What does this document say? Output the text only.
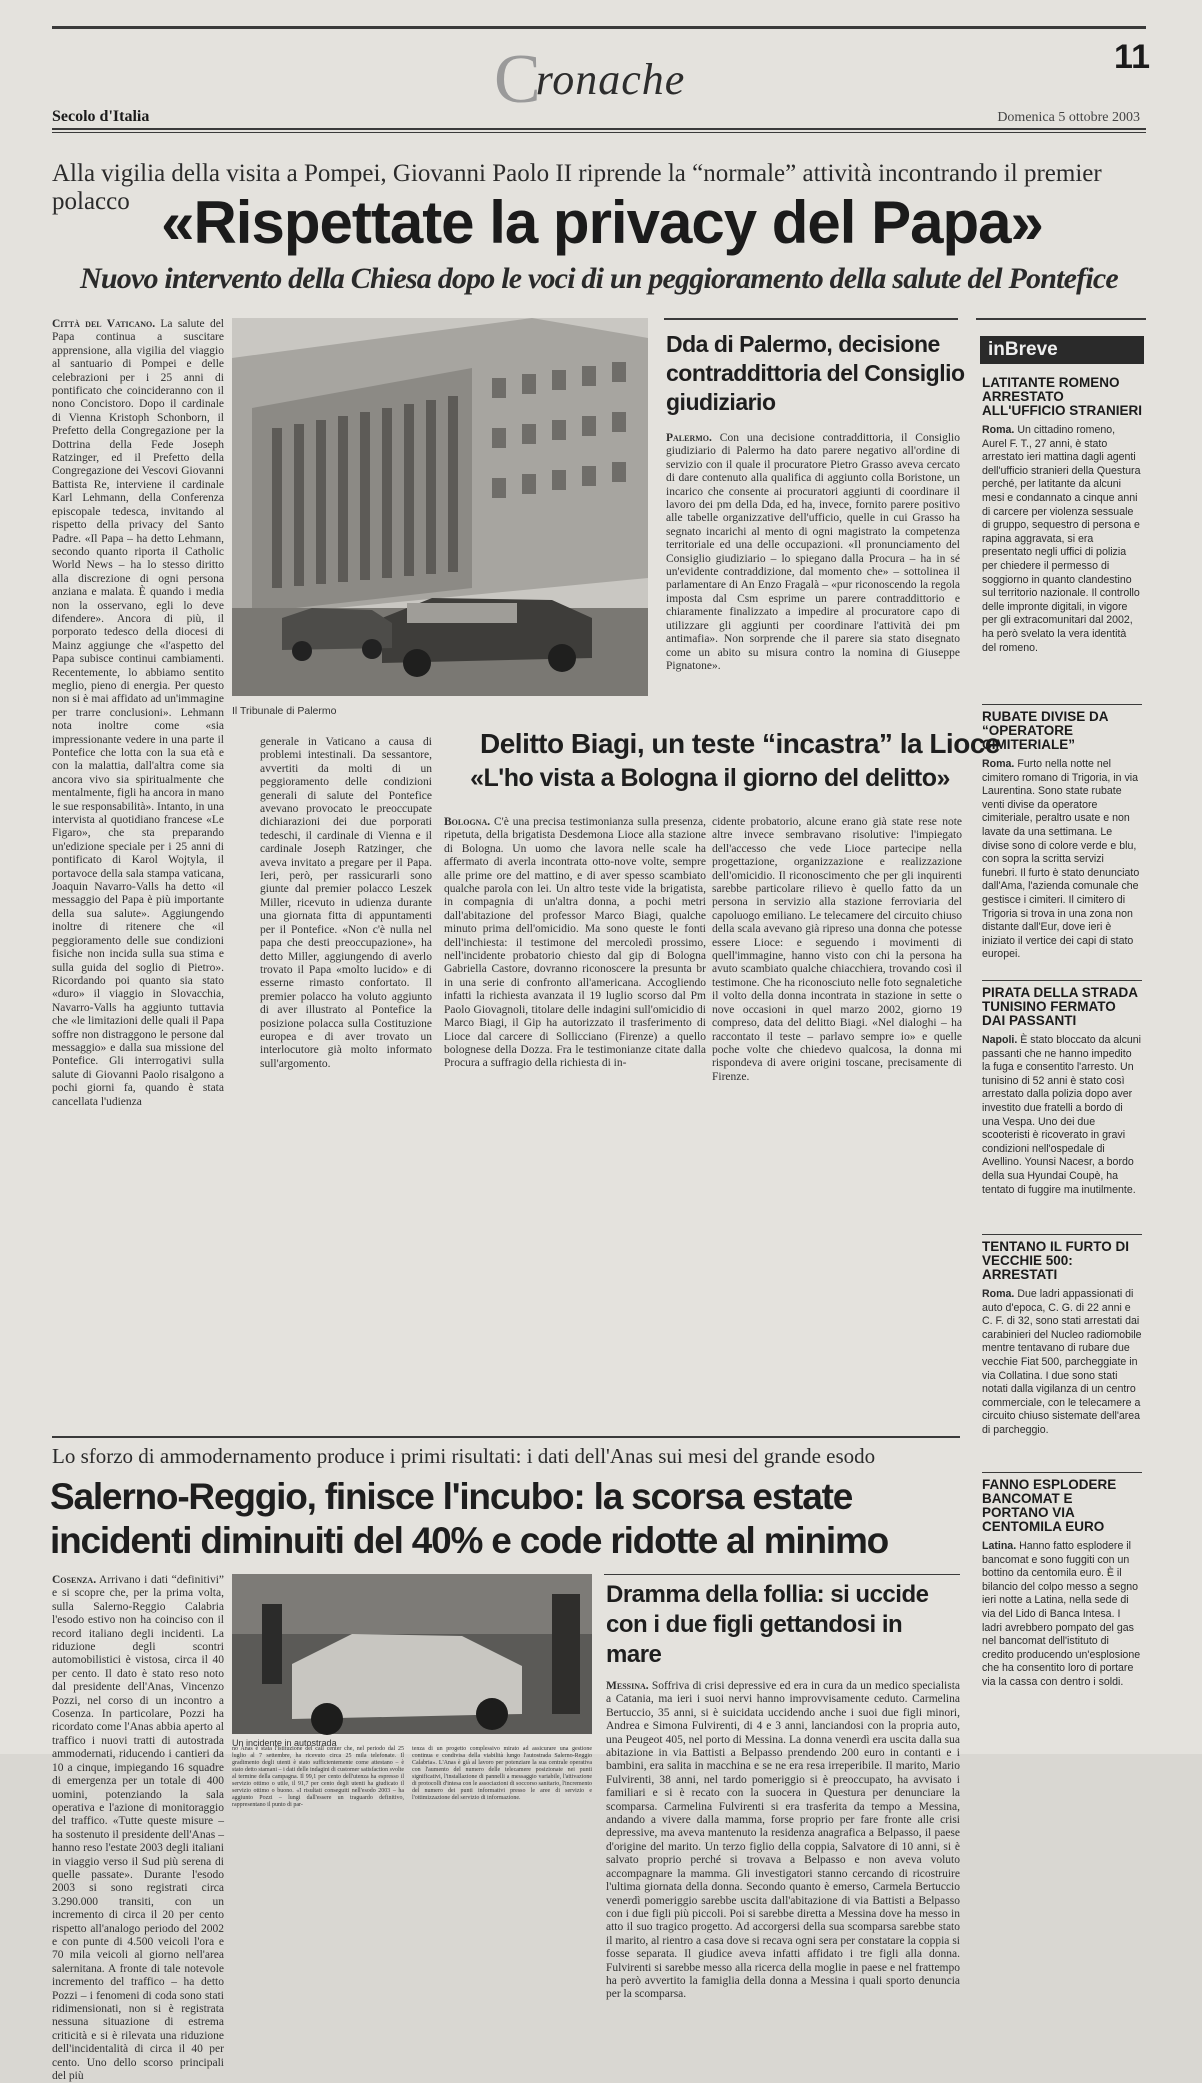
Cronache	11
Secolo d'Italia	Domenica 5 ottobre 2003
Alla vigilia della visita a Pompei, Giovanni Paolo II riprende la “normale” attività incontrando il premier polacco «Rispettate la privacy del Papa»
Nuovo intervento della Chiesa dopo le voci di un peggioramento della salute del Pontefice
Città del Vaticano. La salute del Papa continua a suscitare apprensione, alla vigilia del viaggio al santuario di Pompei e delle celebrazioni per i 25 anni di pontificato che coincideranno con il nono Concistoro. Dopo il cardinale di Vienna Kristoph Schonborn, il Prefetto della Congregazione per la Dottrina della Fede Joseph Ratzinger, ed il Prefetto della Congregazione dei Vescovi Giovanni Battista Re, interviene il cardinale Karl Lehmann, della Conferenza episcopale tedesca, invitando al rispetto della privacy del Santo Padre. «Il Papa – ha detto Lehmann, secondo quanto riporta il Catholic World News – ha lo stesso diritto alla discrezione di ogni persona anziana e malata. È quando i media non la osservano, egli lo deve difendere». Ancora di più, il porporato tedesco della diocesi di Mainz aggiunge che «l'aspetto del Papa subisce continui cambiamenti. Recentemente, lo abbiamo sentito meglio, pieno di energia. Per questo non si è mai affidato ad un'immagine per trarre conclusioni». Lehmann nota inoltre come «sia impressionante vedere in una parte il Pontefice che lotta con la sua età e con la malattia, dall'altra come sia ancora vivo sia spiritualmente che mentalmente, figli ha ancora in mano le sue responsabilità». Intanto, in una intervista al quotidiano francese «Le Figaro», che sta preparando un'edizione speciale per i 25 anni di pontificato di Karol Wojtyla, il portavoce della sala stampa vaticana, Joaquin Navarro-Valls ha detto «il messaggio del Papa è più importante della sua salute». Aggiungendo inoltre di ritenere che «il peggioramento delle sue condizioni fisiche non incida sulla sua stima e sulla guida del soglio di Pietro». Ricordando poi quanto sia stato «duro» il viaggio in Slovacchia, Navarro-Valls ha aggiunto tuttavia che «le limitazioni delle quali il Papa soffre non distraggono le persone dal messaggio» e dalla sua missione del Pontefice. Gli interrogativi sulla salute di Giovanni Paolo risalgono a pochi giorni fa, quando è stata cancellata l'udienza
Il Tribunale di Palermo
Dda di Palermo, decisione contraddittoria del Consiglio giudiziario
Palermo. Con una decisione contraddittoria, il Consiglio giudiziario di Palermo ha dato parere negativo all'ordine di servizio con il quale il procuratore Pietro Grasso aveva cercato di dare contenuto alla qualifica di aggiunto colla Boristone, un incarico che consente ai procuratori aggiunti di coordinare il lavoro dei pm della Dda, ed ha, invece, fornito parere positivo alle tabelle organizzative dell'ufficio, quelle in cui Grasso ha segnato incarichi al mento di ogni magistrato la competenza territoriale ed una delle occupazioni. «Il pronunciamento del Consiglio giudiziario – lo spiegano dalla Procura – ha in sé un'evidente contraddizione, dal momento che» – sottolinea il parlamentare di An Enzo Fragalà – «pur riconoscendo la regola imposta dal Csm esprime un parere contraddittorio e chiaramente finalizzato a impedire al procuratore capo di utilizzare gli aggiunti per coordinare l'attività dei pm antimafia». Non sorprende che il parere sia stato disegnato come un abito su misura contro la nomina di Giuseppe Pignatone».
generale in Vaticano a causa di problemi intestinali. Da sessantore, avvertiti da molti di un peggioramento delle condizioni generali di salute del Pontefice avevano provocato le preoccupate dichiarazioni dei due porporati tedeschi, il cardinale di Vienna e il cardinale Joseph Ratzinger, che aveva invitato a pregare per il Papa. Ieri, però, per rassicurarli sono giunte dal premier polacco Leszek Miller, ricevuto in udienza durante una giornata fitta di appuntamenti per il Pontefice. «Non c'è nulla nel papa che desti preoccupazione», ha detto Miller, aggiungendo di averlo trovato il Papa «molto lucido» e di esserne rimasto confortato. Il premier polacco ha voluto aggiunto di aver illustrato al Pontefice la posizione polacca sulla Costituzione europea e di aver trovato un interlocutore già molto informato sull'argomento.
Delitto Biagi, un teste “incastra” la Lioce
«L'ho vista a Bologna il giorno del delitto»
Bologna. C'è una precisa testimonianza sulla presenza, ripetuta, della brigatista Desdemona Lioce alla stazione di Bologna. Un uomo che lavora nelle scale ha affermato di averla incontrata otto-nove volte, sempre alle prime ore del mattino, e di aver spesso scambiato qualche parola con lei. Un altro teste vide la brigatista, in compagnia di un'altra donna, a pochi metri dall'abitazione del professor Marco Biagi, qualche minuto prima dell'omicidio. Ma sono queste le fonti dell'inchiesta: il testimone del mercoledì prossimo, nell'incidente probatorio chiesto dal gip di Bologna Gabriella Castore, dovranno riconoscere la presunta br in una serie di confronto all'americana. Accogliendo infatti la richiesta avanzata il 19 luglio scorso dal Pm Paolo Giovagnoli, titolare delle indagini sull'omicidio di Marco Biagi, il Gip ha autorizzato il trasferimento di Lioce dal carcere di Sollicciano (Firenze) a quello bolognese della Dozza. Fra le testimonianze citate dalla Procura a suffragio della richiesta di in-
cidente probatorio, alcune erano già state rese note altre invece sembravano risolutive: l'impiegato dell'accesso che vede Lioce partecipe nella progettazione, organizzazione e realizzazione dell'omicidio. Il riconoscimento che per gli inquirenti sarebbe particolare rilievo è quello fatto da un persona in servizio alla stazione ferroviaria del capoluogo emiliano. Le telecamere del circuito chiuso della scala avevano già ripreso una donna che potesse essere Lioce: e seguendo i movimenti di quell'immagine, hanno visto con chi la persona ha avuto scambiato qualche chiacchiera, trovando così il testimone. Che ha riconosciuto nelle foto segnaletiche il volto della donna incontrata in stazione in sette o nove occasioni in quel marzo 2002, giorno 19 compreso, data del delitto Biagi. «Nel dialoghi – ha raccontato il teste – parlavo sempre io» e quelle poche volte che chiedevo qualcosa, la donna mi rispondeva di avere origini toscane, precisamente di Firenze.
inBreve
LATITANTE ROMENO ARRESTATO ALL'UFFICIO STRANIERI
Roma. Un cittadino romeno, Aurel F. T., 27 anni, è stato arrestato ieri mattina dagli agenti dell'ufficio stranieri della Questura perché, per latitante da alcuni mesi e condannato a cinque anni di carcere per violenza sessuale di gruppo, sequestro di persona e rapina aggravata, si era presentato negli uffici di polizia per chiedere il permesso di soggiorno in quanto clandestino sul territorio nazionale. Il controllo delle impronte digitali, in vigore per gli extracomunitari dal 2002, ha però svelato la vera identità del romeno.
RUBATE DIVISE DA “OPERATORE CIMITERIALE”
Roma. Furto nella notte nel cimitero romano di Trigoria, in via Laurentina. Sono state rubate venti divise da operatore cimiteriale, peraltro usate e non lavate da una settimana. Le divise sono di colore verde e blu, con sopra la scritta servizi funebri. Il furto è stato denunciato dall'Ama, l'azienda comunale che gestisce i cimiteri. Il cimitero di Trigoria si trova in una zona non distante dall'Eur, dove ieri è iniziato il vertice dei capi di stato europei.
PIRATA DELLA STRADA TUNISINO FERMATO DAI PASSANTI
Napoli. È stato bloccato da alcuni passanti che ne hanno impedito la fuga e consentito l'arresto. Un tunisino di 52 anni è stato così arrestato dalla polizia dopo aver investito due fratelli a bordo di una Vespa. Uno dei due scooteristi è ricoverato in gravi condizioni nell'ospedale di Avellino. Younsi Nacesr, a bordo della sua Hyundai Coupè, ha tentato di fuggire ma inutilmente.
TENTANO IL FURTO DI VECCHIE 500: ARRESTATI
Roma. Due ladri appassionati di auto d'epoca, C. G. di 22 anni e C. F. di 32, sono stati arrestati dai carabinieri del Nucleo radiomobile mentre tentavano di rubare due vecchie Fiat 500, parcheggiate in via Collatina. I due sono stati notati dalla vigilanza di un centro commerciale, con le telecamere a circuito chiuso sistemate dell'area di parcheggio.
FANNO ESPLODERE BANCOMAT E PORTANO VIA CENTOMILA EURO
Latina. Hanno fatto esplodere il bancomat e sono fuggiti con un bottino da centomila euro. È il bilancio del colpo messo a segno ieri notte a Latina, nella sede di via del Lido di Banca Intesa. I ladri avrebbero pompato del gas nel bancomat dell'istituto di credito producendo un'esplosione che ha consentito loro di portare via la cassa con dentro i soldi.
Lo sforzo di ammodernamento produce i primi risultati: i dati dell'Anas sui mesi del grande esodo
Salerno-Reggio, finisce l'incubo: la scorsa estate
incidenti diminuiti del 40% e code ridotte al minimo
Cosenza. Arrivano i dati “definitivi” e si scopre che, per la prima volta, sulla Salerno-Reggio Calabria l'esodo estivo non ha coinciso con il record italiano degli incidenti. La riduzione degli scontri automobilistici è vistosa, circa il 40 per cento. Il dato è stato reso noto dal presidente dell'Anas, Vincenzo Pozzi, nel corso di un incontro a Cosenza. In particolare, Pozzi ha ricordato come l'Anas abbia aperto al traffico i nuovi tratti di autostrada ammodernati, riducendo i cantieri da 10 a cinque, impiegando 16 squadre di emergenza per un totale di 400 uomini, potenziando la sala operativa e l'azione di monitoraggio del traffico. «Tutte queste misure – ha sostenuto il presidente dell'Anas – hanno reso l'estate 2003 degli italiani in viaggio verso il Sud più serena di quelle passate». Durante l'esodo 2003 si sono registrati circa 3.290.000 transiti, con un incremento di circa il 20 per cento rispetto all'analogo periodo del 2002 e con punte di 4.500 veicoli l'ora e 70 mila veicoli al giorno nell'area salernitana. A fronte di tale notevole incremento del traffico – ha detto Pozzi – i fenomeni di coda sono stati ridimensionati, non si è registrata nessuna situazione di estrema criticità e si è rilevata una riduzione dell'incidentalità di circa il 40 per cento. Uno dello scorso principali del più
Dramma della follia: si uccide con i due figli gettandosi in mare
Messina. Soffriva di crisi depressive ed era in cura da un medico specialista a Catania, ma ieri i suoi nervi hanno improvvisamente ceduto. Carmelina Bertuccio, 35 anni, si è suicidata uccidendo anche i suoi due figli minori, Andrea e Simona Fulvirenti, di 4 e 3 anni, lanciandosi con la propria auto, una Peugeot 405, nel porto di Messina. La donna venerdì era uscita dalla sua abitazione in via Battisti a Belpasso prendendo 200 euro in contanti e i bambini, era salita in macchina e se ne era resa irreperibile. Il marito, Mario Fulvirenti, 38 anni, nel tardo pomeriggio si è preoccupato, ha avvisato i familiari e si è recato con la suocera in Questura per denunciare la scomparsa. Carmelina Fulvirenti si era trasferita da tempo a Messina, andando a vivere dalla mamma, forse proprio per fare fronte alle crisi depressive, ma aveva mantenuto la residenza anagrafica a Belpasso, il paese d'origine del marito. Un terzo figlio della coppia, Salvatore di 10 anni, si è salvato proprio perché si trovava a Belpasso e non aveva voluto accompagnare la mamma. Gli investigatori stanno cercando di ricostruire l'ultima giornata della donna. Secondo quanto è emerso, Carmela Bertuccio venerdì pomeriggio sarebbe uscita dall'abitazione di via Battisti a Belpasso con i due figli più piccoli. Poi si sarebbe diretta a Messina dove ha messo in atto il suo tragico progetto. Ad accorgersi della sua scomparsa sarebbe stato il marito, al rientro a casa dove si recava ogni sera per constatare la coppia si fosse separata. Il giudice aveva infatti affidato i tre figli alla donna. Fulvirenti si sarebbe messo alla ricerca della moglie in paese e nel frattempo ha però avvertito la famiglia della donna a Messina i quali sporto denuncia per la scomparsa.
Un incidente in autostrada
no Anas è stata l'istituzione del call center che, nel periodo dal 25 luglio al 7 settembre, ha ricevuto circa 25 mila telefonate. Il gradimento degli utenti è stato sufficientemente come attestano – è stato detto stamani – i dati delle indagini di customer satisfaction svolte al termine della campagna. Il 99,1 per cento dell'utenza ha espresso il servizio ottimo o utile, il 91,7 per cento degli utenti ha giudicato il servizio ottimo o buono. «I risultati conseguiti nell'esodo 2003 – ha aggiunto Pozzi – lungi dall'essere un traguardo definitivo, rappresentano il punto di par-
tenza di un progetto complessivo mirato ad assicurare una gestione continua e condivisa della viabilità lungo l'autostrada Salerno-Reggio Calabria». L'Anas è già al lavoro per potenziare la sua centrale operativa con l'aumento del numero delle telecamere posizionate nei punti significativi, l'installazione di pannelli a messaggio variabile, l'attivazione di protocolli d'intesa con le associazioni di soccorso sanitario, l'incremento del numero dei punti informativi presso le aree di servizio e l'ottimizzazione del servizio di informazione.
